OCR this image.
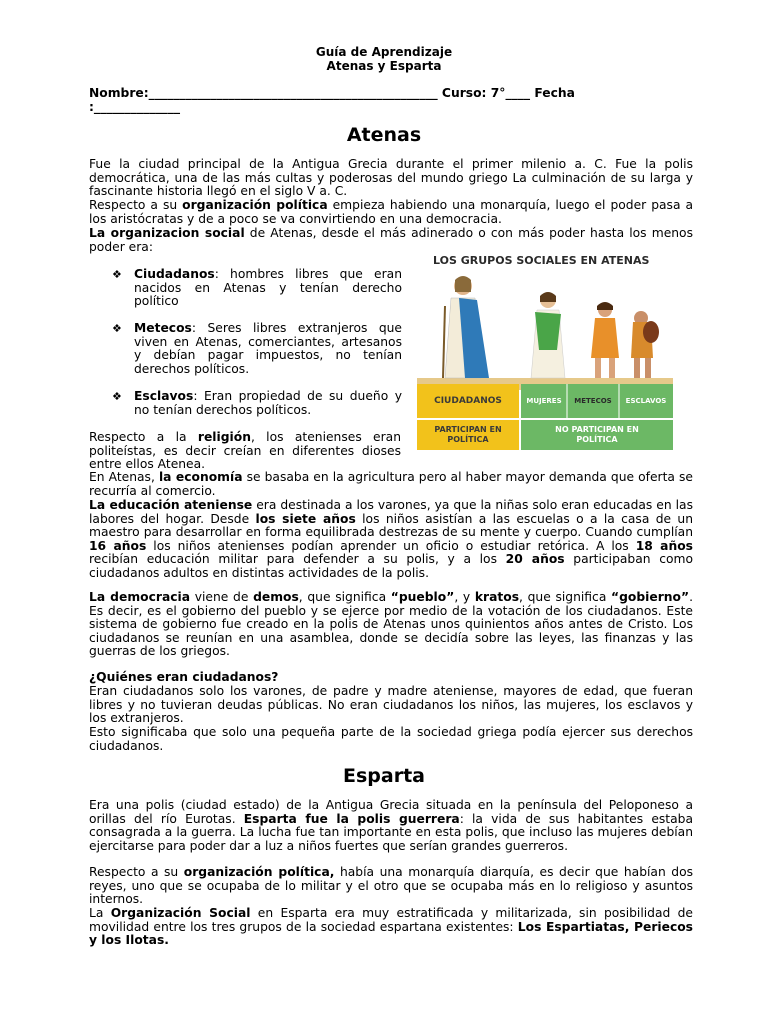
Guía de Aprendizaje
Atenas y Esparta
Nombre:_______________________________________________ Curso: 7°____ Fecha
:______________
Atenas
Fue la ciudad principal de la Antigua Grecia durante el primer milenio a. C. Fue la polis democrática, una de las más cultas y poderosas del mundo griego La culminación de su larga y fascinante historia llegó en el siglo V a. C.
Respecto a su organización política empieza habiendo una monarquía, luego el poder pasa a los aristócratas y de a poco se va convirtiendo en una democracia.
La organizacion social de Atenas, desde el más adinerado o con más poder hasta los menos poder era:
❖ Ciudadanos: hombres libres que eran nacidos en Atenas y tenían derecho político
❖ Metecos: Seres libres extranjeros que viven en Atenas, comerciantes, artesanos y debían pagar impuestos, no tenían derechos políticos.
❖ Esclavos: Eran propiedad de su dueño y no tenían derechos políticos.
Respecto a la religión, los atenienses eran politeístas, es decir creían en diferentes dioses entre ellos Atenea.
LOS GRUPOS SOCIALES EN ATENAS
CIUDADANOS	MUJERES	METECOS	ESCLAVOS
PARTICIPAN EN POLÍTICA
NO PARTICIPAN EN POLÍTICA
En Atenas, la economía se basaba en la agricultura pero al haber mayor demanda que oferta se recurría al comercio.
La educación ateniense era destinada a los varones, ya que la niñas solo eran educadas en las labores del hogar. Desde los siete años los niños asistían a las escuelas o a la casa de un maestro para desarrollar en forma equilibrada destrezas de su mente y cuerpo. Cuando cumplían 16 años los niños atenienses podían aprender un oficio o estudiar retórica. A los 18 años recibían educación militar para defender a su polis, y a los 20 años participaban como ciudadanos adultos en distintas actividades de la polis.
La democracia viene de demos, que significa “pueblo”, y kratos, que significa “gobierno”. Es decir, es el gobierno del pueblo y se ejerce por medio de la votación de los ciudadanos. Este sistema de gobierno fue creado en la polis de Atenas unos quinientos años antes de Cristo. Los ciudadanos se reunían en una asamblea, donde se decidía sobre las leyes, las finanzas y las guerras de los griegos.
¿Quiénes eran ciudadanos?
Eran ciudadanos solo los varones, de padre y madre ateniense, mayores de edad, que fueran libres y no tuvieran deudas públicas. No eran ciudadanos los niños, las mujeres, los esclavos y los extranjeros.
Esto significaba que solo una pequeña parte de la sociedad griega podía ejercer sus derechos ciudadanos.
Esparta
Era una polis (ciudad estado) de la Antigua Grecia situada en la península del Peloponeso a orillas del río Eurotas. Esparta fue la polis guerrera: la vida de sus habitantes estaba consagrada a la guerra. La lucha fue tan importante en esta polis, que incluso las mujeres debían ejercitarse para poder dar a luz a niños fuertes que serían grandes guerreros.
Respecto a su organización política, había una monarquía diarquía, es decir que habían dos reyes, uno que se ocupaba de lo militar y el otro que se ocupaba más en lo religioso y asuntos internos.
La Organización Social en Esparta era muy estratificada y militarizada, sin posibilidad de movilidad entre los tres grupos de la sociedad espartana existentes: Los Espartiatas, Periecos y los Ilotas.
